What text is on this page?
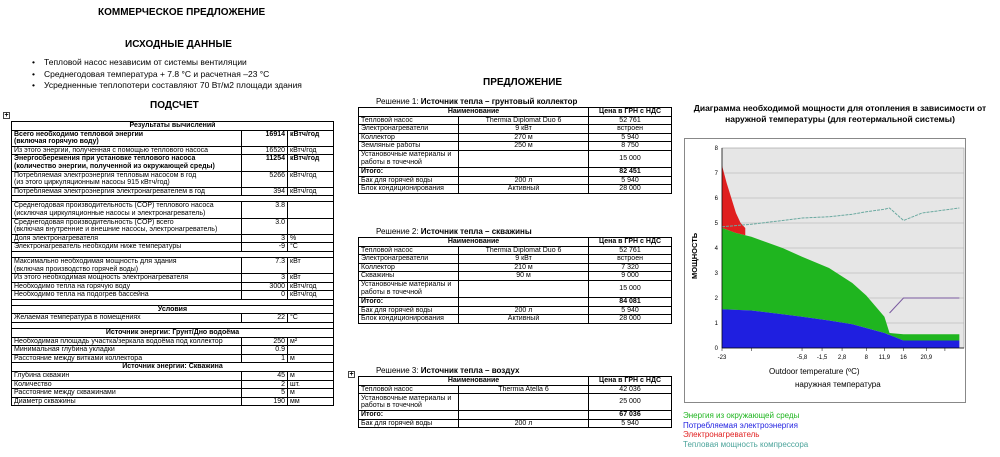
КОММЕРЧЕСКОЕ ПРЕДЛОЖЕНИЕ
ИСХОДНЫЕ ДАННЫЕ
• Тепловой насос независим от системы вентиляции
• Среднегодовая температура + 7.8 °C и расчетная –23 °C
• Усредненные теплопотери составляют 70 Вт/м2 площади здания
ПОДСЧЕТ
+
Результаты вычислений		

Всего необходимо тепловой энергии
(включая горячую воду)	16914	кВтч/год

Из этого энергии, полученная с помощью теплового насоса	16520	кВтч/год

Энергосбережения при установке теплового насоса
(количество энергии, полученной из окружающей среды)	11254	кВтч/год

Потребляемая электроэнергия тепловым насосом в год
(из этого циркуляционным насосы 915 кВтч/год)	5266	кВтч/год

Потребляемая электроэнергия электронагревателем в год	394	кВтч/год

Среднегодовая производительность (COP) теплового насоса
(исключая циркуляционные насосы и электронагреватель)	3.8	

Среднегодовая производительность (COP) всего
(включая внутренние и внешние насосы, электронагреватель)	3.0	

Доля электронагревателя	3	%

Электронагреватель необходим ниже температуры	-9	°C

Максимально необходимая мощность для здания
(включая производство горячей воды)	7.3	кВт

Из этого необходимая мощность электронагревателя	3	кВт

Необходимо тепла на горячую воду	3000	кВтч/год

Необходимо тепла на подогрев бассейна	0	кВтч/год

Условия		

Желаемая температура в помещениях	22	°C

Источник энергии: Грунт/Дно водоёма		

Необходимая площадь участка/зеркала водоёма под коллектор	250	м²

Минимальная глубина укладки	0.9	

Расстояние между витками коллектора	1	м
Источник энергии: Скважина		

Глубина скважин	45	м

Количество	2	шт.

Расстояние между скважинами	5	м

Диаметр скважины	190	мм
ПРЕДЛОЖЕНИЕ
Решение 1: Источник тепла – грунтовый коллектор
Наименование		Цена в ГРН с НДС
Тепловой насос	Thermia Diplomat Duo 6	52 761
Электронагреватели	9 кВт	встроен
Коллектор	270 м	5 940
Земляные работы	250 м	8 750
Установочные материалы и работы в точечной		15 000
Итого:		82 451
Бак для горячей воды	200 л	5 940
Блок кондиционирования	Активный	28 000
Решение 2: Источник тепла – скважины
Наименование		Цена в ГРН с НДС
Тепловой насос	Thermia Diplomat Duo 6	52 761
Электронагреватели	9 кВт	встроен
Коллектор	210 м	7 320
Скважины	90 м	9 000
Установочные материалы и работы в точечной		15 000
Итого:		84 081
Бак для горячей воды	200 л	5 940
Блок кондиционирования	Активный	28 000
+	Решение 3: Источник тепла – воздух
Наименование		Цена в ГРН с НДС
Тепловой насос	Thermia Atella 6	42 036
Установочные материалы и работы в точечной		25 000
Итого:		67 036
Бак для горячей воды	200 л	5 940
Диаграмма необходимой мощности для отопления в зависимости от наружной температуры (для геотермальной системы)
МОЩНОСТЬ
0
1
2
3
4
5
6
7
8
-23	-5,8 -1,5 2,8	8 11,9 16 20,9
Outdoor temperature (ºC)
наружная температура
Энергия из окружающей среды
Потребляемая электроэнергия
Электронагреватель
Тепловая мощность компрессора
